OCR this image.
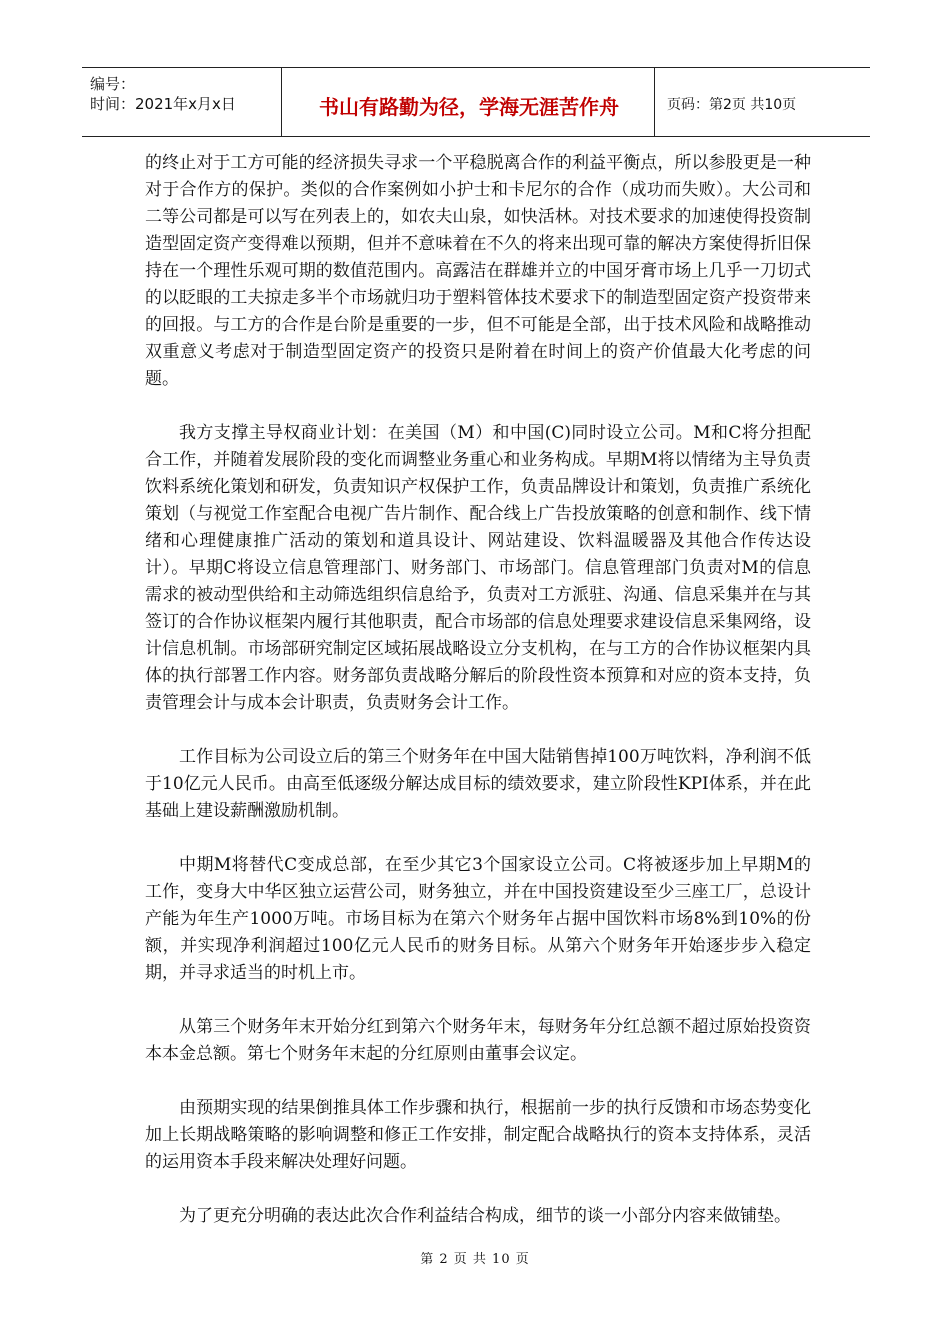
编号：
时间：2021年x月x日	书山有路勤为径，学海无涯苦作舟	页码：第2页 共10页

的终止对于工方可能的经济损失寻求一个平稳脱离合作的利益平衡点，所以参股更是一种对于合作方的保护。类似的合作案例如小护士和卡尼尔的合作（成功而失败）。大公司和二等公司都是可以写在列表上的，如农夫山泉，如快活林。对技术要求的加速使得投资制造型固定资产变得难以预期，但并不意味着在不久的将来出现可靠的解决方案使得折旧保持在一个理性乐观可期的数值范围内。高露洁在群雄并立的中国牙膏市场上几乎一刀切式的以眨眼的工夫掠走多半个市场就归功于塑料管体技术要求下的制造型固定资产投资带来的回报。与工方的合作是台阶是重要的一步，但不可能是全部，出于技术风险和战略推动双重意义考虑对于制造型固定资产的投资只是附着在时间上的资产价值最大化考虑的问题。

我方支撑主导权商业计划：在美国（M）和中国(C)同时设立公司。M和C将分担配合工作，并随着发展阶段的变化而调整业务重心和业务构成。早期M将以情绪为主导负责饮料系统化策划和研发，负责知识产权保护工作，负责品牌设计和策划，负责推广系统化策划（与视觉工作室配合电视广告片制作、配合线上广告投放策略的创意和制作、线下情绪和心理健康推广活动的策划和道具设计、网站建设、饮料温暖器及其他合作传达设计）。早期C将设立信息管理部门、财务部门、市场部门。信息管理部门负责对M的信息需求的被动型供给和主动筛选组织信息给予，负责对工方派驻、沟通、信息采集并在与其签订的合作协议框架内履行其他职责，配合市场部的信息处理要求建设信息采集网络，设计信息机制。市场部研究制定区域拓展战略设立分支机构，在与工方的合作协议框架内具体的执行部署工作内容。财务部负责战略分解后的阶段性资本预算和对应的资本支持，负责管理会计与成本会计职责，负责财务会计工作。

工作目标为公司设立后的第三个财务年在中国大陆销售掉100万吨饮料，净利润不低于10亿元人民币。由高至低逐级分解达成目标的绩效要求，建立阶段性KPI体系，并在此基础上建设薪酬激励机制。

中期M将替代C变成总部，在至少其它3个国家设立公司。C将被逐步加上早期M的工作，变身大中华区独立运营公司，财务独立，并在中国投资建设至少三座工厂，总设计产能为年生产1000万吨。市场目标为在第六个财务年占据中国饮料市场8%到10%的份额，并实现净利润超过100亿元人民币的财务目标。从第六个财务年开始逐步步入稳定期，并寻求适当的时机上市。

从第三个财务年末开始分红到第六个财务年末，每财务年分红总额不超过原始投资资本本金总额。第七个财务年末起的分红原则由董事会议定。

由预期实现的结果倒推具体工作步骤和执行，根据前一步的执行反馈和市场态势变化加上长期战略策略的影响调整和修正工作安排，制定配合战略执行的资本支持体系，灵活的运用资本手段来解决处理好问题。

为了更充分明确的表达此次合作利益结合构成，细节的谈一小部分内容来做铺垫。

第 2 页 共 10 页
